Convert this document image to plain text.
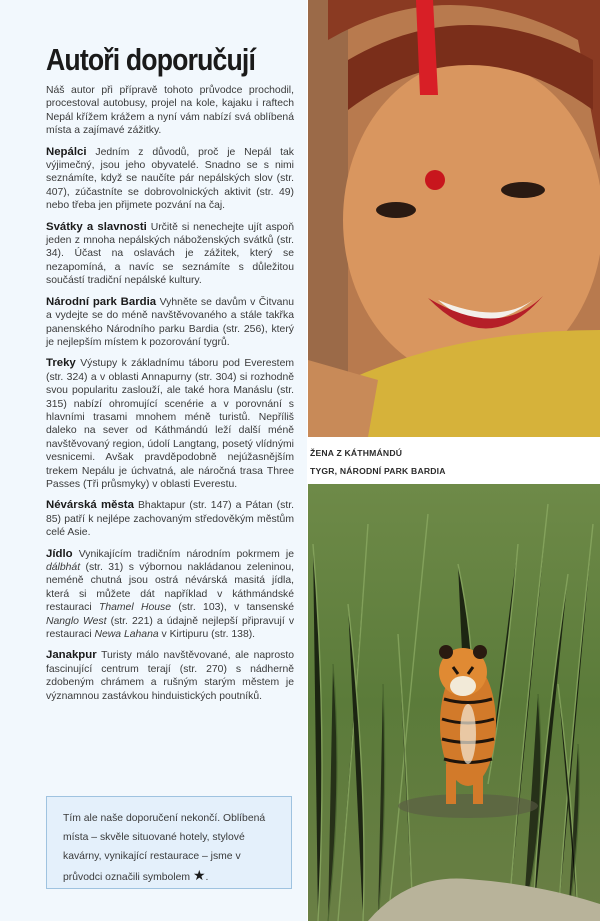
Autoři doporučují

Náš autor při přípravě tohoto průvodce prochodil, procestoval autobusy, projel na kole, kajaku i raftech Nepál křížem krážem a nyní vám nabízí svá oblíbená místa a zajímavé zážitky.

Nepálci Jedním z důvodů, proč je Nepál tak výjimečný, jsou jeho obyvatelé. Snadno se s nimi seznámíte, když se naučíte pár nepálských slov (str. 407), zúčastníte se dobrovolnických aktivit (str. 49) nebo třeba jen přijmete pozvání na čaj.

Svátky a slavnosti Určitě si nenechejte ujít aspoň jeden z mnoha nepálských náboženských svátků (str. 34). Účast na oslavách je zážitek, který se nezapomíná, a navíc se seznámíte s důležitou součástí tradiční nepálské kultury.

Národní park Bardia Vyhněte se davům v Čitvanu a vydejte se do méně navštěvovaného a stále takřka panenského Národního parku Bardia (str. 256), který je nejlepším místem k pozorování tygrů.

Treky Výstupy k základnímu táboru pod Everestem (str. 324) a v oblasti Annapurny (str. 304) si rozhodně svou popularitu zaslouží, ale také hora Manáslu (str. 315) nabízí ohromující scenérie a v porovnání s hlavními trasami mnohem méně turistů. Nepříliš daleko na sever od Káthmándú leží další méně navštěvovaný region, údolí Langtang, posetý vlídnými vesnicemi. Avšak pravděpodobně nejúžasnějším trekem Nepálu je úchvatná, ale náročná trasa Three Passes (Tři průsmyky) v oblasti Everestu.

Névárská města Bhaktapur (str. 147) a Pátan (str. 85) patří k nejlépe zachovaným středověkým městům celé Asie.

Jídlo Vynikajícím tradičním národním pokrmem je dálbhát (str. 31) s výbornou nakládanou zeleninou, neméně chutná jsou ostrá névárská masitá jídla, která si můžete dát například v káthmándské restauraci Thamel House (str. 103), v tansenské Nanglo West (str. 221) a údajně nejlepší připravují v restauraci Newa Lahana v Kirtipuru (str. 138).

Janakpur Turisty málo navštěvované, ale naprosto fascinující centrum terají (str. 270) s nádherně zdobeným chrámem a rušným starým městem je významnou zastávkou hinduistických poutníků.

Tím ale naše doporučení nekončí. Oblíbená místa – skvěle situované hotely, stylové kavárny, vynikající restaurace – jsme v průvodci označili symbolem ★.
ŽENA Z KÁTHMÁNDÚ
TYGR, NÁRODNÍ PARK BARDIA
